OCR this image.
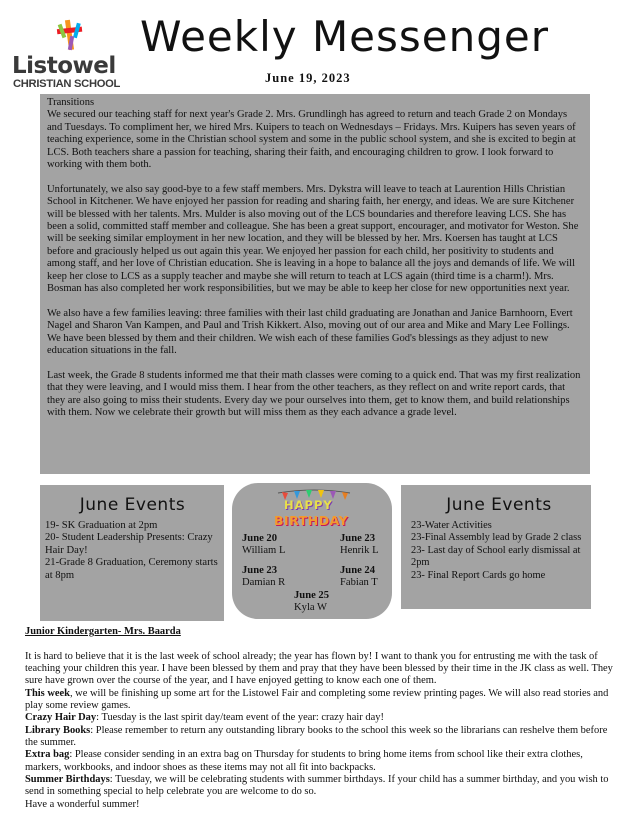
Listowel
CHRISTIAN SCHOOL
Weekly Messenger
June 19, 2023

Transitions

We secured our teaching staff for next year's Grade 2. Mrs. Grundlingh has agreed to return and teach Grade 2 on Mondays and Tuesdays. To compliment her, we hired Mrs. Kuipers to teach on Wednesdays – Fridays. Mrs. Kuipers has seven years of teaching experience, some in the Christian school system and some in the public school system, and she is excited to begin at LCS. Both teachers share a passion for teaching, sharing their faith, and encouraging children to grow. I look forward to working with them both.

Unfortunately, we also say good-bye to a few staff members. Mrs. Dykstra will leave to teach at Laurention Hills Christian School in Kitchener. We have enjoyed her passion for reading and sharing faith, her energy, and ideas. We are sure Kitchener will be blessed with her talents. Mrs. Mulder is also moving out of the LCS boundaries and therefore leaving LCS. She has been a solid, committed staff member and colleague. She has been a great support, encourager, and motivator for Weston. She will be seeking similar employment in her new location, and they will be blessed by her. Mrs. Koersen has taught at LCS before and graciously helped us out again this year. We enjoyed her passion for each child, her positivity to students and among staff, and her love of Christian education. She is leaving in a hope to balance all the joys and demands of life. We will keep her close to LCS as a supply teacher and maybe she will return to teach at LCS again (third time is a charm!). Mrs. Bosman has also completed her work responsibilities, but we may be able to keep her close for new opportunities next year.

We also have a few families leaving: three families with their last child graduating are Jonathan and Janice Barnhoorn, Evert Nagel and Sharon Van Kampen, and Paul and Trish Kikkert. Also, moving out of our area and Mike and Mary Lee Follings. We have been blessed by them and their children. We wish each of these families God's blessings as they adjust to new education situations in the fall.

Last week, the Grade 8 students informed me that their math classes were coming to a quick end. That was my first realization that they were leaving, and I would miss them. I hear from the other teachers, as they reflect on and write report cards, that they are also going to miss their students. Every day we pour ourselves into them, get to know them, and build relationships with them. Now we celebrate their growth but will miss them as they each advance a grade level.

June Events
19- SK Graduation at 2pm
20- Student Leadership Presents: Crazy Hair Day!
21-Grade 8 Graduation, Ceremony starts at 8pm
HAPPY
BIRTHDAY
June 20
William L
June 23
Henrik L
June 23
Damian R
June 24
Fabian T
June 25
Kyla W
June Events
23-Water Activities
23-Final Assembly lead by Grade 2 class
23- Last day of School early dismissal at 2pm
23- Final Report Cards go home

Junior Kindergarten- Mrs. Baarda

It is hard to believe that it is the last week of school already; the year has flown by! I want to thank you for entrusting me with the task of teaching your children this year. I have been blessed by them and pray that they have been blessed by their time in the JK class as well. They sure have grown over the course of the year, and I have enjoyed getting to know each one of them.

This week, we will be finishing up some art for the Listowel Fair and completing some review printing pages. We will also read stories and play some review games.

Crazy Hair Day: Tuesday is the last spirit day/team event of the year: crazy hair day!

Library Books: Please remember to return any outstanding library books to the school this week so the librarians can reshelve them before the summer.

Extra bag: Please consider sending in an extra bag on Thursday for students to bring home items from school like their extra clothes, markers, workbooks, and indoor shoes as these items may not all fit into backpacks.

Summer Birthdays: Tuesday, we will be celebrating students with summer birthdays. If your child has a summer birthday, and you wish to send in something special to help celebrate you are welcome to do so.

Have a wonderful summer!
